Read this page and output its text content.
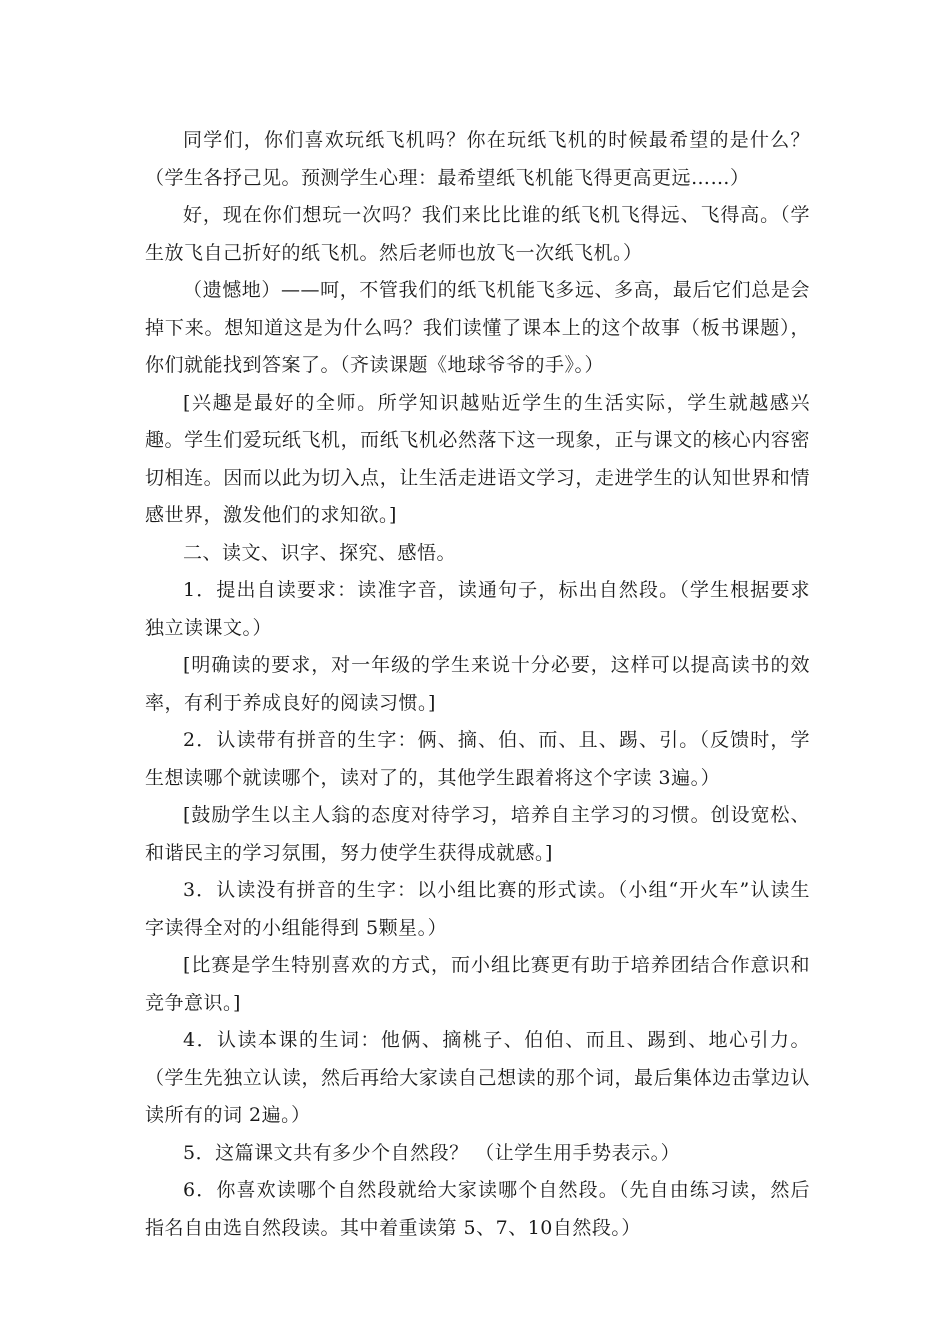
同学们，你们喜欢玩纸飞机吗？你在玩纸飞机的时候最希望的是什么？（学生各抒己见。预测学生心理：最希望纸飞机能飞得更高更远……）

好，现在你们想玩一次吗？我们来比比谁的纸飞机飞得远、飞得高。（学生放飞自己折好的纸飞机。然后老师也放飞一次纸飞机。）

（遗憾地）——呵，不管我们的纸飞机能飞多远、多高，最后它们总是会掉下来。想知道这是为什么吗？我们读懂了课本上的这个故事（板书课题），你们就能找到答案了。（齐读课题《地球爷爷的手》。）

[兴趣是最好的全师。所学知识越贴近学生的生活实际，学生就越感兴趣。学生们爱玩纸飞机，而纸飞机必然落下这一现象，正与课文的核心内容密切相连。因而以此为切入点，让生活走进语文学习，走进学生的认知世界和情感世界，激发他们的求知欲。]

二、读文、识字、探究、感悟。

1．提出自读要求：读准字音，读通句子，标出自然段。（学生根据要求独立读课文。）

[明确读的要求，对一年级的学生来说十分必要，这样可以提高读书的效率，有利于养成良好的阅读习惯。]

2．认读带有拼音的生字：俩、摘、伯、而、且、踢、引。（反馈时，学生想读哪个就读哪个，读对了的，其他学生跟着将这个字读 3遍。）

[鼓励学生以主人翁的态度对待学习，培养自主学习的习惯。创设宽松、和谐民主的学习氛围，努力使学生获得成就感。]

3．认读没有拼音的生字：以小组比赛的形式读。（小组“开火车”认读生字读得全对的小组能得到 5颗星。）

[比赛是学生特别喜欢的方式，而小组比赛更有助于培养团结合作意识和竞争意识。]

4．认读本课的生词：他俩、摘桃子、伯伯、而且、踢到、地心引力。（学生先独立认读，然后再给大家读自己想读的那个词，最后集体边击掌边认读所有的词 2遍。）

5．这篇课文共有多少个自然段？ （让学生用手势表示。）

6．你喜欢读哪个自然段就给大家读哪个自然段。（先自由练习读，然后指名自由选自然段读。其中着重读第 5、7、10自然段。）
